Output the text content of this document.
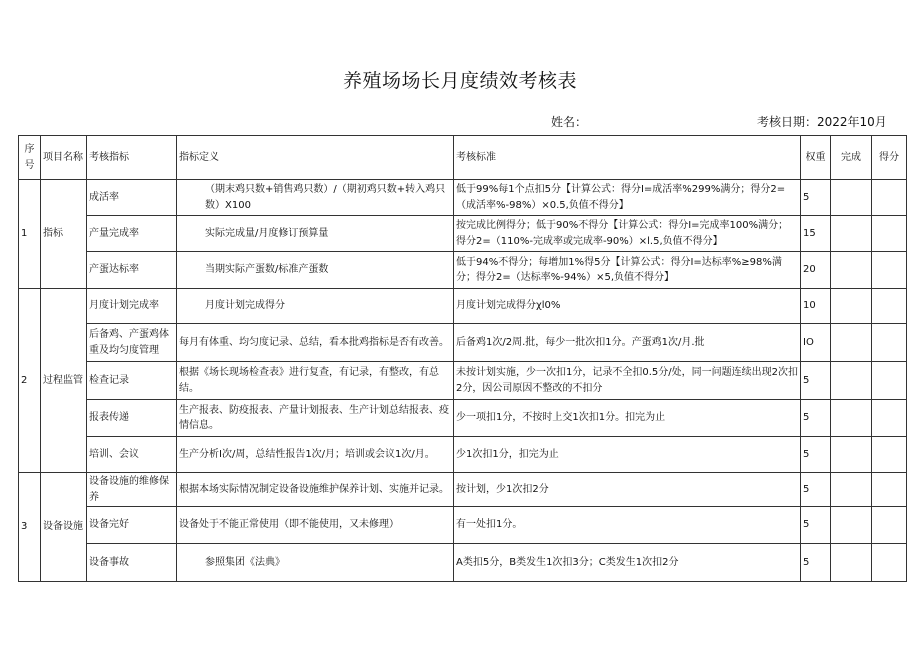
养殖场场长月度绩效考核表
姓名：	考核日期：2022年10月
序号	项目名称	考核指标	指标定义	考核标准	权重	完成	得分
1	指标	成活率	（期末鸡只数+销售鸡只数）/（期初鸡只数+转入鸡只数）X100	低于99%每1个点扣5分【计算公式：得分I=成活率%299%满分；得分2=（成活率%-98%）×0.5,负值不得分】	5		
		产量完成率	实际完成量/月度修订预算量	按完成比例得分；低于90%不得分【计算公式：得分I=完成率100%满分；得分2=（110%-完成率或完成率-90%）×l.5,负值不得分】	15		
		产蛋达标率	当期实际产蛋数/标准产蛋数	低于94%不得分；每增加1%得5分【计算公式：得分I=达标率%≥98%满分；得分2=（达标率%-94%）×5,负值不得分】	20		
2	过程监管	月度计划完成率	月度计划完成得分	月度计划完成得分χl0%	10		
		后备鸡、产蛋鸡体重及均匀度管理	每月有体重、均匀度记录、总结，看本批鸡指标是否有改善。	后备鸡1次/2周.批，每少一批次扣1分。产蛋鸡1次/月.批	IO		
		检查记录	根据《场长现场检查表》进行复查，有记录，有整改，有总结。	未按计划实施，少一次扣1分，记录不全扣0.5分/处，同一问题连续出现2次扣2分，因公司原因不整改的不扣分	5		
		报表传递	生产报表、防疫报表、产量计划报表、生产计划总结报表、疫情信息。	少一项扣1分，不按时上交1次扣1分。扣完为止	5		
		培训、会议	生产分析I次/周，总结性报告1次/月；培训或会议1次/月。	少1次扣1分，扣完为止	5		
3	设备设施	设备设施的维修保养	根据本场实际情况制定设备设施维护保养计划、实施并记录。	按计划，少1次扣2分	5		
		设备完好	设备处于不能正常使用（即不能使用，又未修理）	有一处扣1分。	5		
		设备事故	参照集团《法典》	A类扣5分，B类发生1次扣3分；C类发生1次扣2分	5		
